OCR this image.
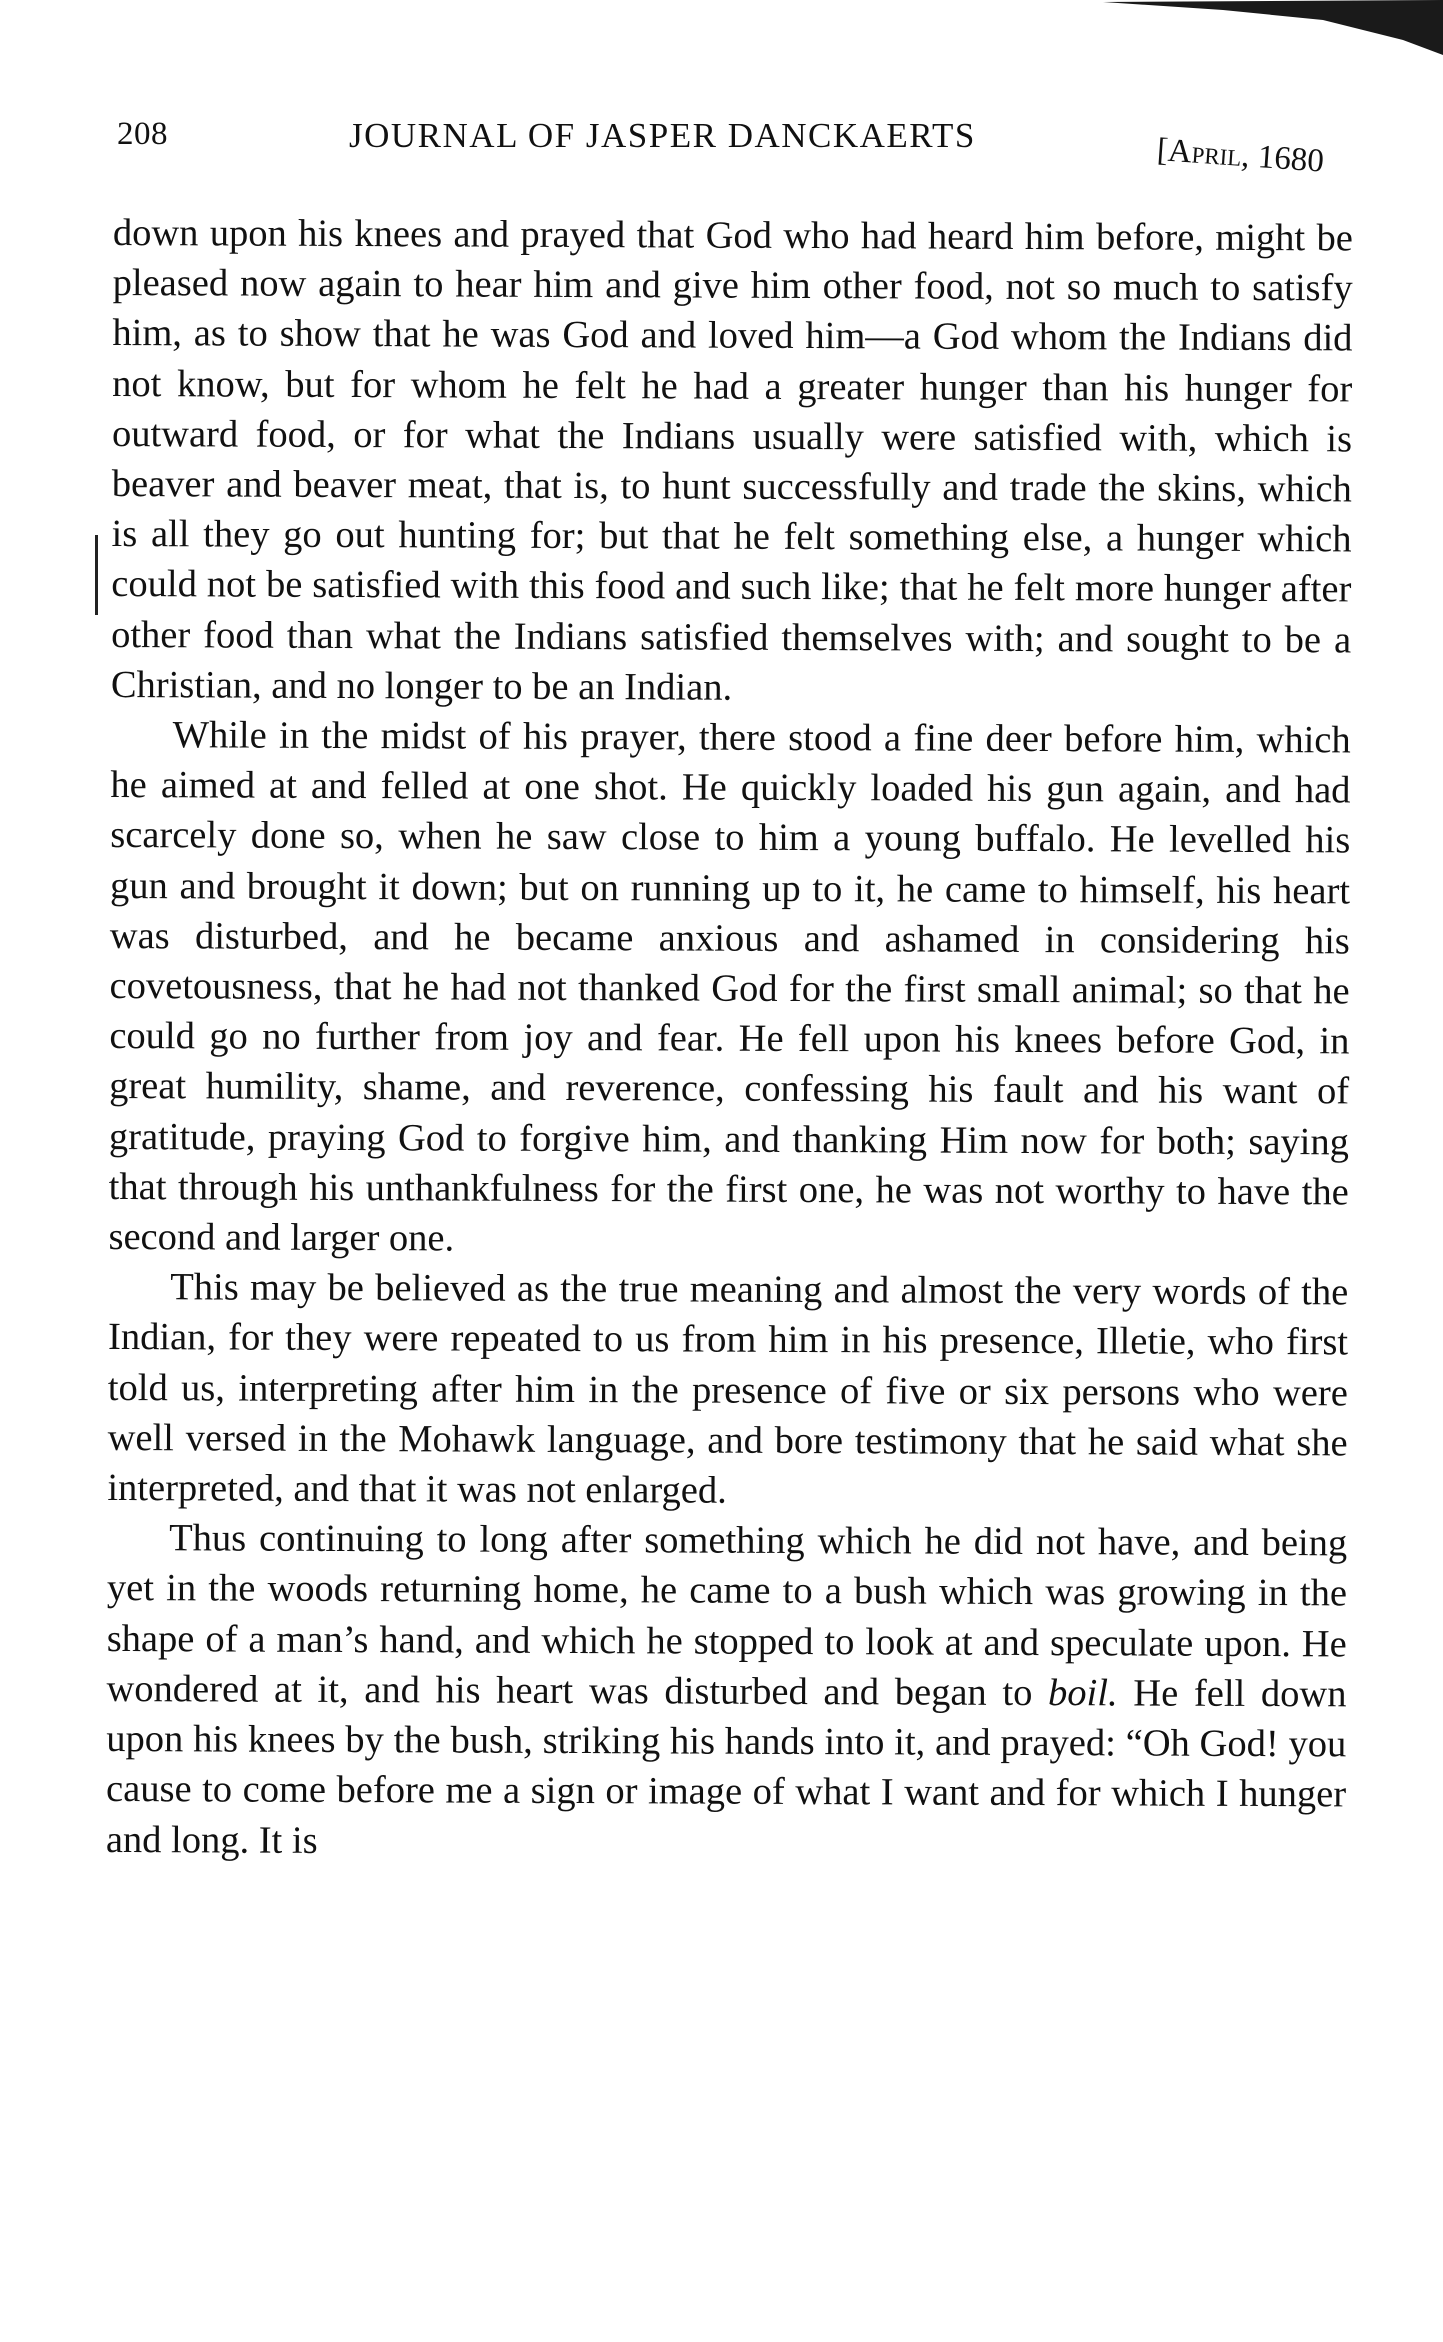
208	JOURNAL OF JASPER DANCKAERTS	[April, 1680

down upon his knees and prayed that God who had heard him before, might be pleased now again to hear him and give him other food, not so much to satisfy him, as to show that he was God and loved him—a God whom the Indians did not know, but for whom he felt he had a greater hunger than his hunger for outward food, or for what the Indians usually were satisfied with, which is beaver and beaver meat, that is, to hunt successfully and trade the skins, which is all they go out hunting for; but that he felt something else, a hunger which could not be satisfied with this food and such like; that he felt more hunger after other food than what the Indians satisfied themselves with; and sought to be a Christian, and no longer to be an Indian.

While in the midst of his prayer, there stood a fine deer before him, which he aimed at and felled at one shot. He quickly loaded his gun again, and had scarcely done so, when he saw close to him a young buffalo. He levelled his gun and brought it down; but on running up to it, he came to himself, his heart was disturbed, and he became anxious and ashamed in considering his covetousness, that he had not thanked God for the first small animal; so that he could go no further from joy and fear. He fell upon his knees before God, in great humility, shame, and reverence, confessing his fault and his want of gratitude, praying God to forgive him, and thanking Him now for both; saying that through his unthankfulness for the first one, he was not worthy to have the second and larger one.

This may be believed as the true meaning and almost the very words of the Indian, for they were repeated to us from him in his presence, Illetie, who first told us, interpreting after him in the presence of five or six persons who were well versed in the Mohawk language, and bore testimony that he said what she interpreted, and that it was not enlarged.

Thus continuing to long after something which he did not have, and being yet in the woods returning home, he came to a bush which was growing in the shape of a man’s hand, and which he stopped to look at and speculate upon. He wondered at it, and his heart was disturbed and began to boil. He fell down upon his knees by the bush, striking his hands into it, and prayed: “Oh God! you cause to come before me a sign or image of what I want and for which I hunger and long. It is
